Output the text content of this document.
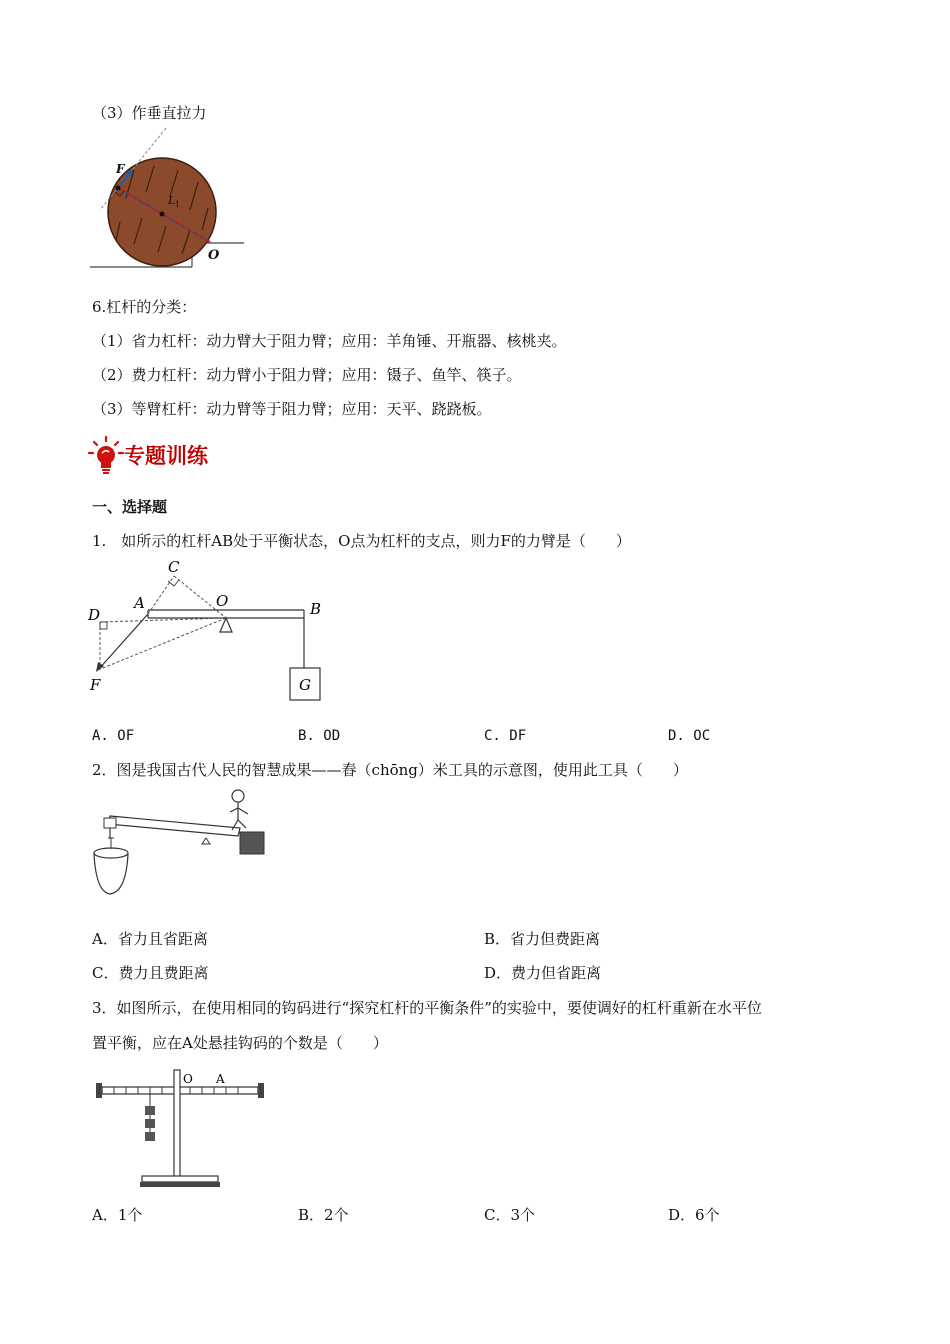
（3）作垂直拉力
F
L 1
O
6.杠杆的分类：
（1）省力杠杆：动力臂大于阻力臂；应用：羊角锤、开瓶器、核桃夹。
（2）费力杠杆：动力臂小于阻力臂；应用：镊子、鱼竿、筷子。
（3）等臂杠杆：动力臂等于阻力臂；应用：天平、跷跷板。
专题训练
一、选择题
1.　如所示的杠杆AB处于平衡状态，O点为杠杆的支点，则力F的力臂是（　　）
C
A	O	B
D
F	G
A. OF	B. OD	C. DF	D. OC
2．图是我国古代人民的智慧成果——舂（chōng）米工具的示意图，使用此工具（　　）
A．省力且省距离	B．省力但费距离
C．费力且费距离	D．费力但省距离
3．如图所示，在使用相同的钩码进行“探究杠杆的平衡条件”的实验中，要使调好的杠杆重新在水平位
置平衡，应在A处悬挂钩码的个数是（　　）
O A
A．1个	B．2个	C．3个	D．6个
